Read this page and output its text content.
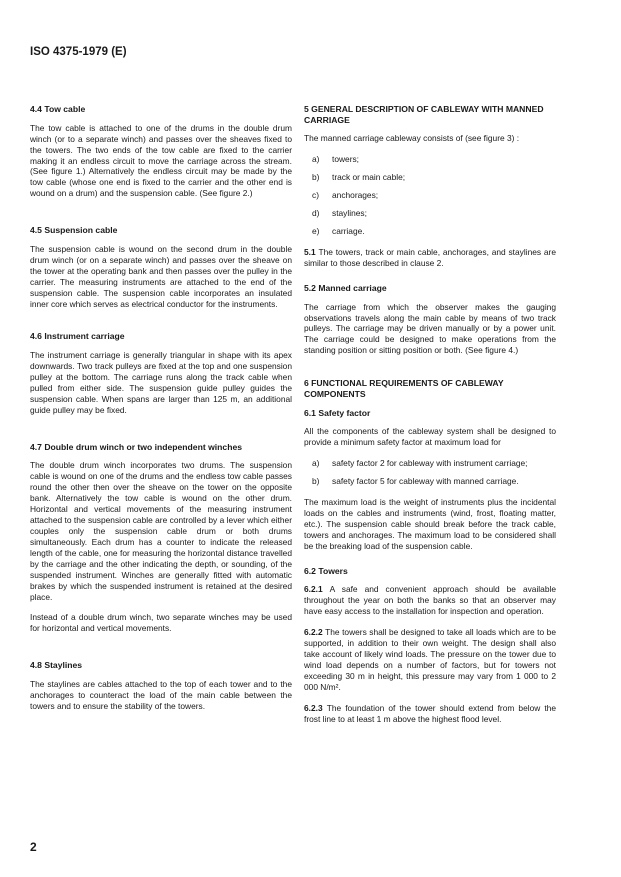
ISO 4375-1979 (E)
4.4 Tow cable

The tow cable is attached to one of the drums in the double drum winch (or to a separate winch) and passes over the sheaves fixed to the towers. The two ends of the tow cable are fixed to the carrier making it an endless circuit to move the carriage across the stream. (See figure 1.) Alternatively the endless circuit may be made by the tow cable (whose one end is fixed to the carrier and the other end is wound on a drum) and the suspension cable. (See figure 2.)

4.5 Suspension cable

The suspension cable is wound on the second drum in the double drum winch (or on a separate winch) and passes over the sheave on the tower at the operating bank and then passes over the pulley in the carrier. The measuring instruments are attached to the end of the suspension cable. The suspension cable incorporates an insulated inner core which serves as electrical conductor for the instruments.

4.6 Instrument carriage

The instrument carriage is generally triangular in shape with its apex downwards. Two track pulleys are fixed at the top and one suspension pulley at the bottom. The carriage runs along the track cable when pulled from either side. The suspension guide pulley guides the suspension cable. When spans are larger than 125 m, an additional guide pulley may be fixed.

4.7 Double drum winch or two independent winches

The double drum winch incorporates two drums. The suspension cable is wound on one of the drums and the endless tow cable passes round the other then over the sheave on the tower on the opposite bank. Alternatively the tow cable is wound on the other drum. Horizontal and vertical movements of the measuring instrument attached to the suspension cable are controlled by a lever which either couples only the suspension cable drum or both drums simultaneously. Each drum has a counter to indicate the released length of the cable, one for measuring the horizontal distance travelled by the carriage and the other indicating the depth, or sounding, of the suspended instrument. Winches are generally fitted with automatic brakes by which the suspended instrument is retained at the desired place.

Instead of a double drum winch, two separate winches may be used for horizontal and vertical movements.

4.8 Staylines

The staylines are cables attached to the top of each tower and to the anchorages to counteract the load of the main cable between the towers and to ensure the stability of the towers.

5 GENERAL DESCRIPTION OF CABLEWAY WITH MANNED CARRIAGE

The manned carriage cableway consists of (see figure 3) :

a)	towers;
b)	track or main cable;
c)	anchorages;
d)	staylines;
e)	carriage.

5.1 The towers, track or main cable, anchorages, and staylines are similar to those described in clause 2.

5.2 Manned carriage

The carriage from which the observer makes the gauging observations travels along the main cable by means of two track pulleys. The carriage may be driven manually or by a power unit. The carriage could be designed to make operations from the standing position or sitting position or both. (See figure 4.)

6 FUNCTIONAL REQUIREMENTS OF CABLEWAY COMPONENTS
6.1 Safety factor

All the components of the cableway system shall be designed to provide a minimum safety factor at maximum load for

a)	safety factor 2 for cableway with instrument carriage;
b)	safety factor 5 for cableway with manned carriage.

The maximum load is the weight of instruments plus the incidental loads on the cables and instruments (wind, frost, floating matter, etc.). The suspension cable should break before the track cable, towers and anchorages. The maximum load to be considered shall be the breaking load of the suspension cable.

6.2 Towers

6.2.1 A safe and convenient approach should be available throughout the year on both the banks so that an observer may have easy access to the installation for inspection and operation.

6.2.2 The towers shall be designed to take all loads which are to be supported, in addition to their own weight. The design shall also take account of likely wind loads. The pressure on the tower due to wind load depends on a number of factors, but for towers not exceeding 30 m in height, this pressure may vary from 1 000 to 2 000 N/m².

6.2.3 The foundation of the tower should extend from below the frost line to at least 1 m above the highest flood level.

2
